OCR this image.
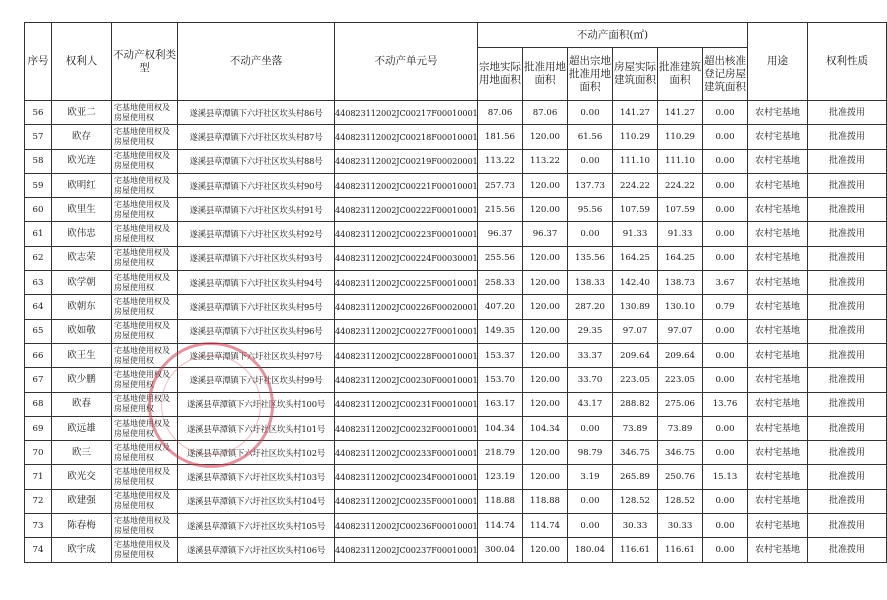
序号	权利人	不动产权利类型	不动产坐落	不动产单元号	不动产面积(㎡)						用途	权利性质
					宗地实际用地面积	批准用地面积	超出宗地批准用地面积	房屋实际建筑面积	批准建筑面积	超出核准登记房屋建筑面积		
56	欧亚二	宅基地使用权及房屋使用权	遂溪县草潭镇下六圩社区坎头村86号	440823112002JC00217F00010001	87.06	87.06	0.00	141.27	141.27	0.00	农村宅基地	批准拨用
57	欧存	宅基地使用权及房屋使用权	遂溪县草潭镇下六圩社区坎头村87号	440823112002JC00218F00010001	181.56	120.00	61.56	110.29	110.29	0.00	农村宅基地	批准拨用
58	欧光连	宅基地使用权及房屋使用权	遂溪县草潭镇下六圩社区坎头村88号	440823112002JC00219F00020001	113.22	113.22	0.00	111.10	111.10	0.00	农村宅基地	批准拨用
59	欧明红	宅基地使用权及房屋使用权	遂溪县草潭镇下六圩社区坎头村90号	440823112002JC00221F00010001	257.73	120.00	137.73	224.22	224.22	0.00	农村宅基地	批准拨用
60	欧里生	宅基地使用权及房屋使用权	遂溪县草潭镇下六圩社区坎头村91号	440823112002JC00222F00010001	215.56	120.00	95.56	107.59	107.59	0.00	农村宅基地	批准拨用
61	欧伟忠	宅基地使用权及房屋使用权	遂溪县草潭镇下六圩社区坎头村92号	440823112002JC00223F00010001	96.37	96.37	0.00	91.33	91.33	0.00	农村宅基地	批准拨用
62	欧志荣	宅基地使用权及房屋使用权	遂溪县草潭镇下六圩社区坎头村93号	440823112002JC00224F00030001	255.56	120.00	135.56	164.25	164.25	0.00	农村宅基地	批准拨用
63	欧学朝	宅基地使用权及房屋使用权	遂溪县草潭镇下六圩社区坎头村94号	440823112002JC00225F00010001	258.33	120.00	138.33	142.40	138.73	3.67	农村宅基地	批准拨用
64	欧朝东	宅基地使用权及房屋使用权	遂溪县草潭镇下六圩社区坎头村95号	440823112002JC00226F00020001	407.20	120.00	287.20	130.89	130.10	0.79	农村宅基地	批准拨用
65	欧如敬	宅基地使用权及房屋使用权	遂溪县草潭镇下六圩社区坎头村96号	440823112002JC00227F00010001	149.35	120.00	29.35	97.07	97.07	0.00	农村宅基地	批准拨用
66	欧王生	宅基地使用权及房屋使用权	遂溪县草潭镇下六圩社区坎头村97号	440823112002JC00228F00010001	153.37	120.00	33.37	209.64	209.64	0.00	农村宅基地	批准拨用
67	欧少鹏	宅基地使用权及房屋使用权	遂溪县草潭镇下六圩社区坎头村99号	440823112002JC00230F00010001	153.70	120.00	33.70	223.05	223.05	0.00	农村宅基地	批准拨用
68	欧春	宅基地使用权及房屋使用权	遂溪县草潭镇下六圩社区坎头村100号	440823112002JC00231F00010001	163.17	120.00	43.17	288.82	275.06	13.76	农村宅基地	批准拨用
69	欧远雄	宅基地使用权及房屋使用权	遂溪县草潭镇下六圩社区坎头村101号	440823112002JC00232F00010001	104.34	104.34	0.00	73.89	73.89	0.00	农村宅基地	批准拨用
70	欧三	宅基地使用权及房屋使用权	遂溪县草潭镇下六圩社区坎头村102号	440823112002JC00233F00010001	218.79	120.00	98.79	346.75	346.75	0.00	农村宅基地	批准拨用
71	欧光交	宅基地使用权及房屋使用权	遂溪县草潭镇下六圩社区坎头村103号	440823112002JC00234F00010001	123.19	120.00	3.19	265.89	250.76	15.13	农村宅基地	批准拨用
72	欧建强	宅基地使用权及房屋使用权	遂溪县草潭镇下六圩社区坎头村104号	440823112002JC00235F00010001	118.88	118.88	0.00	128.52	128.52	0.00	农村宅基地	批准拨用
73	陈春梅	宅基地使用权及房屋使用权	遂溪县草潭镇下六圩社区坎头村105号	440823112002JC00236F00010001	114.74	114.74	0.00	30.33	30.33	0.00	农村宅基地	批准拨用
74	欧宇成	宅基地使用权及房屋使用权	遂溪县草潭镇下六圩社区坎头村106号	440823112002JC00237F00010001	300.04	120.00	180.04	116.61	116.61	0.00	农村宅基地	批准拨用
